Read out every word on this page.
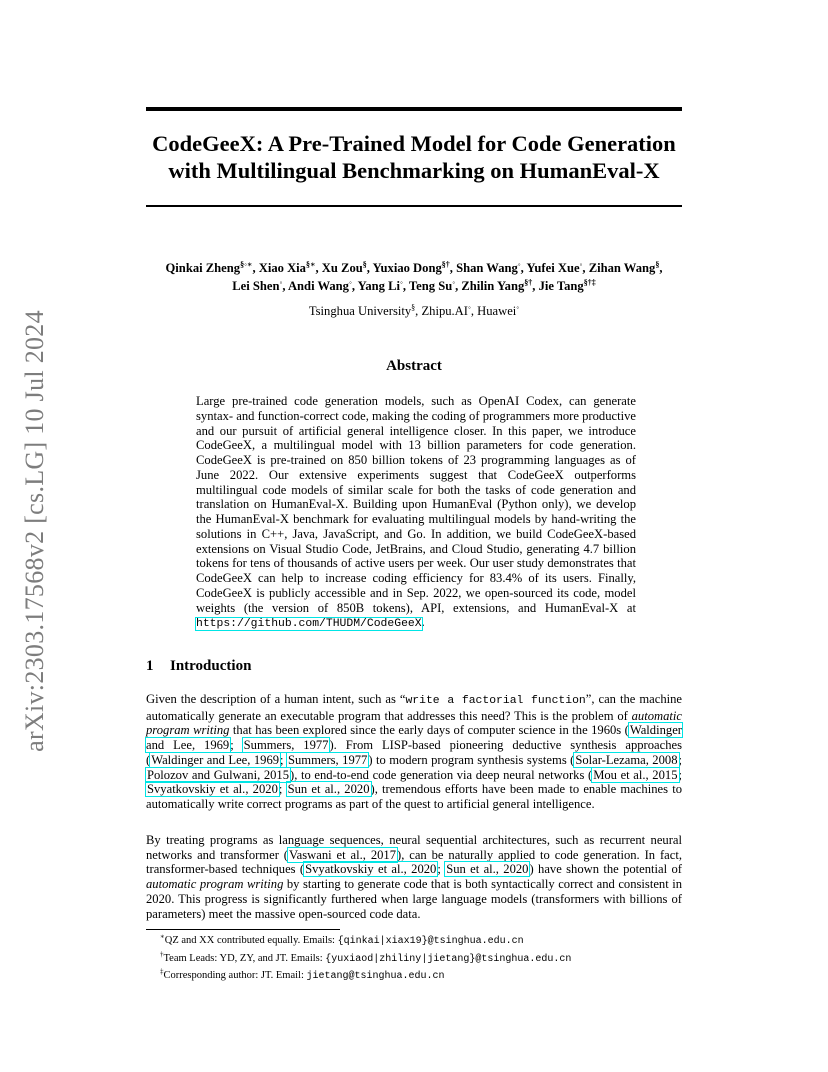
arXiv:2303.17568v2 [cs.LG] 10 Jul 2024
CodeGeeX: A Pre-Trained Model for Code Generation
with Multilingual Benchmarking on HumanEval-X
Qinkai Zheng§◦∗, Xiao Xia§∗, Xu Zou§, Yuxiao Dong§†, Shan Wang◦, Yufei Xue◦, Zihan Wang§,
Lei Shen◦, Andi Wang◦, Yang Li◦, Teng Su◦, Zhilin Yang§†, Jie Tang§†‡
Tsinghua University§, Zhipu.AI◦, Huawei◦
Abstract
Large pre-trained code generation models, such as OpenAI Codex, can generate syntax- and function-correct code, making the coding of programmers more productive and our pursuit of artificial general intelligence closer. In this paper, we introduce CodeGeeX, a multilingual model with 13 billion parameters for code generation. CodeGeeX is pre-trained on 850 billion tokens of 23 programming languages as of June 2022. Our extensive experiments suggest that CodeGeeX outperforms multilingual code models of similar scale for both the tasks of code generation and translation on HumanEval-X. Building upon HumanEval (Python only), we develop the HumanEval-X benchmark for evaluating multilingual models by hand-writing the solutions in C++, Java, JavaScript, and Go. In addition, we build CodeGeeX-based extensions on Visual Studio Code, JetBrains, and Cloud Studio, generating 4.7 billion tokens for tens of thousands of active users per week. Our user study demonstrates that CodeGeeX can help to increase coding efficiency for 83.4% of its users. Finally, CodeGeeX is publicly accessible and in Sep. 2022, we open-sourced its code, model weights (the version of 850B tokens), API, extensions, and HumanEval-X at https://github.com/THUDM/CodeGeeX.
1 Introduction
Given the description of a human intent, such as “write a factorial function”, can the machine automatically generate an executable program that addresses this need? This is the problem of automatic program writing that has been explored since the early days of computer science in the 1960s (Waldinger and Lee, 1969; Summers, 1977). From LISP-based pioneering deductive synthesis approaches (Waldinger and Lee, 1969; Summers, 1977) to modern program synthesis systems (Solar-Lezama, 2008; Polozov and Gulwani, 2015), to end-to-end code generation via deep neural networks (Mou et al., 2015; Svyatkovskiy et al., 2020; Sun et al., 2020), tremendous efforts have been made to enable machines to automatically write correct programs as part of the quest to artificial general intelligence.
By treating programs as language sequences, neural sequential architectures, such as recurrent neural networks and transformer (Vaswani et al., 2017), can be naturally applied to code generation. In fact, transformer-based techniques (Svyatkovskiy et al., 2020; Sun et al., 2020) have shown the potential of automatic program writing by starting to generate code that is both syntactically correct and consistent in 2020. This progress is significantly furthered when large language models (transformers with billions of parameters) meet the massive open-sourced code data.
∗QZ and XX contributed equally. Emails: {qinkai|xiax19}@tsinghua.edu.cn
†Team Leads: YD, ZY, and JT. Emails: {yuxiaod|zhiliny|jietang}@tsinghua.edu.cn
‡Corresponding author: JT. Email: jietang@tsinghua.edu.cn
